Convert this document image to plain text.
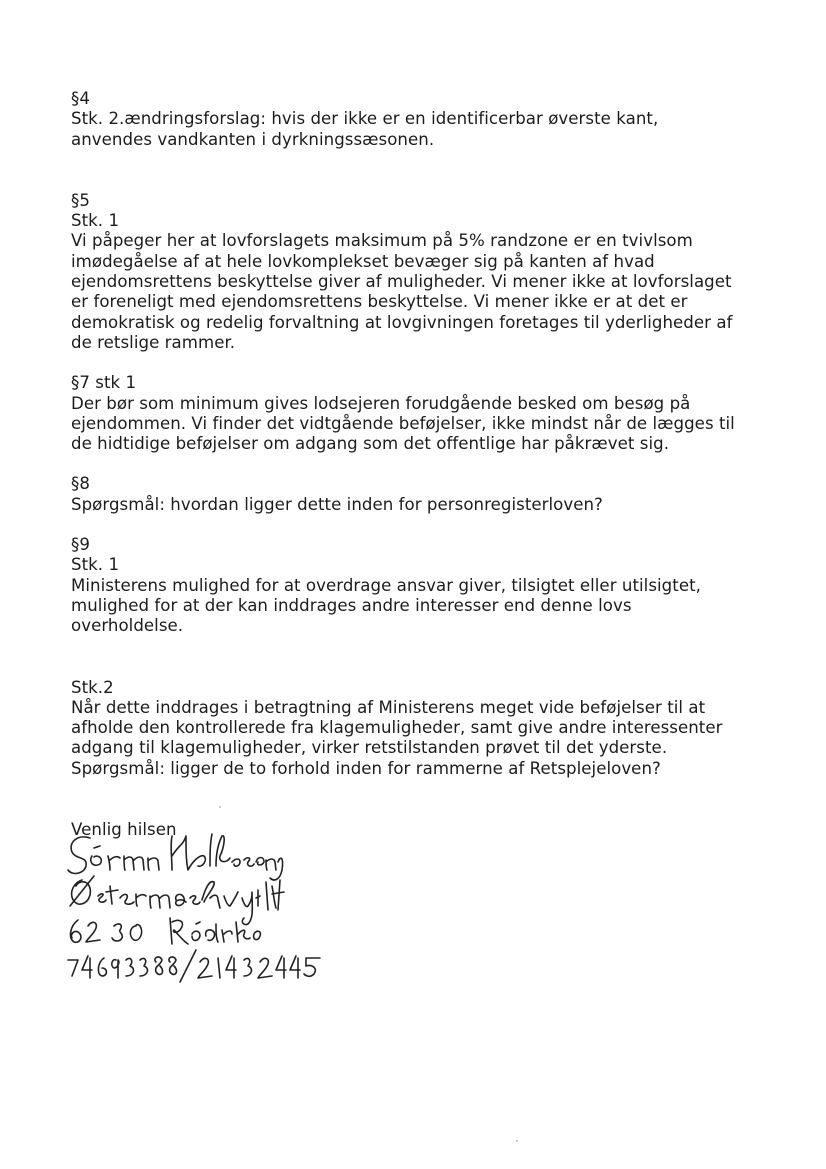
§4
Stk. 2.ændringsforslag: hvis der ikke er en identificerbar øverste kant,
anvendes vandkanten i dyrkningssæsonen.
§5
Stk. 1
Vi påpeger her at lovforslagets maksimum på 5% randzone er en tvivlsom
imødegåelse af at hele lovkomplekset bevæger sig på kanten af hvad
ejendomsrettens beskyttelse giver af muligheder. Vi mener ikke at lovforslaget
er foreneligt med ejendomsrettens beskyttelse. Vi mener ikke er at det er
demokratisk og redelig forvaltning at lovgivningen foretages til yderligheder af
de retslige rammer.
§7 stk 1
Der bør som minimum gives lodsejeren forudgående besked om besøg på
ejendommen. Vi finder det vidtgående beføjelser, ikke mindst når de lægges til
de hidtidige beføjelser om adgang som det offentlige har påkrævet sig.
§8
Spørgsmål: hvordan ligger dette inden for personregisterloven?
§9
Stk. 1
Ministerens mulighed for at overdrage ansvar giver, tilsigtet eller utilsigtet,
mulighed for at der kan inddrages andre interesser end denne lovs
overholdelse.
Stk.2
Når dette inddrages i betragtning af Ministerens meget vide beføjelser til at
afholde den kontrollerede fra klagemuligheder, samt give andre interessenter
adgang til klagemuligheder, virker retstilstanden prøvet til det yderste.
Spørgsmål: ligger de to forhold inden for rammerne af Retsplejeloven?
Venlig hilsen
